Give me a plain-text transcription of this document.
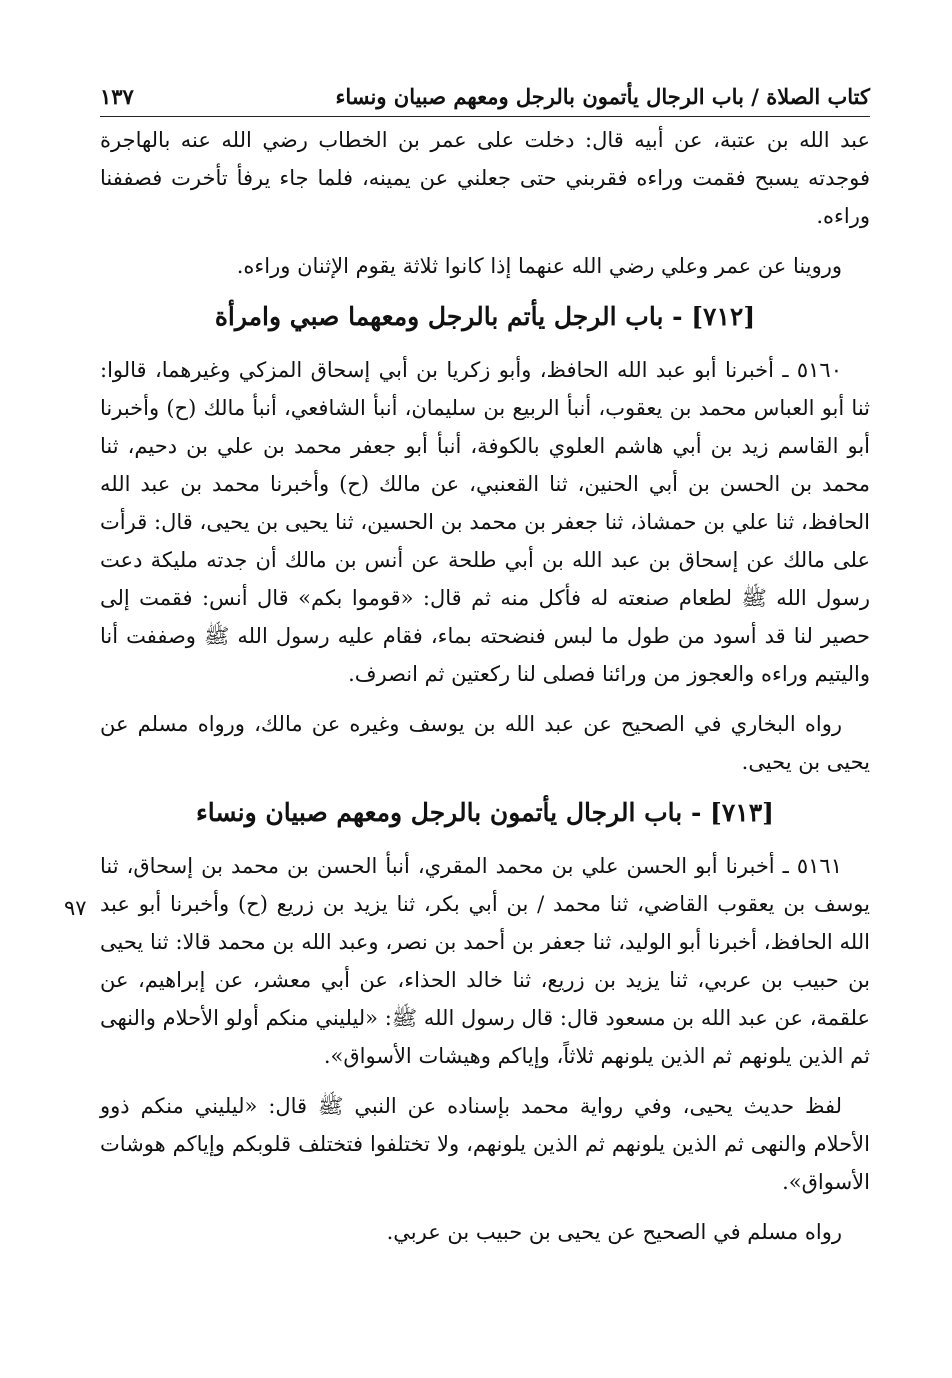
كتاب الصلاة / باب الرجال يأتمون بالرجل ومعهم صبيان ونساء
١٣٧

عبد الله بن عتبة، عن أبيه قال: دخلت على عمر بن الخطاب رضي الله عنه بالهاجرة فوجدته يسبح فقمت وراءه فقربني حتى جعلني عن يمينه، فلما جاء يرفأ تأخرت فصففنا وراءه.

وروينا عن عمر وعلي رضي الله عنهما إذا كانوا ثلاثة يقوم الإثنان وراءه.

[٧١٢] - باب الرجل يأتم بالرجل ومعهما صبي وامرأة

٥١٦٠ ـ أخبرنا أبو عبد الله الحافظ، وأبو زكريا بن أبي إسحاق المزكي وغيرهما، قالوا: ثنا أبو العباس محمد بن يعقوب، أنبأ الربيع بن سليمان، أنبأ الشافعي، أنبأ مالك (ح) وأخبرنا أبو القاسم زيد بن أبي هاشم العلوي بالكوفة، أنبأ أبو جعفر محمد بن علي بن دحيم، ثنا محمد بن الحسن بن أبي الحنين، ثنا القعنبي، عن مالك (ح) وأخبرنا محمد بن عبد الله الحافظ، ثنا علي بن حمشاذ، ثنا جعفر بن محمد بن الحسين، ثنا يحيى بن يحيى، قال: قرأت على مالك عن إسحاق بن عبد الله بن أبي طلحة عن أنس بن مالك أن جدته مليكة دعت رسول الله ﷺ لطعام صنعته له فأكل منه ثم قال: «قوموا بكم» قال أنس: فقمت إلى حصير لنا قد أسود من طول ما لبس فنضحته بماء، فقام عليه رسول الله ﷺ وصففت أنا واليتيم وراءه والعجوز من ورائنا فصلى لنا ركعتين ثم انصرف.

رواه البخاري في الصحيح عن عبد الله بن يوسف وغيره عن مالك، ورواه مسلم عن يحيى بن يحيى.

[٧١٣] - باب الرجال يأتمون بالرجل ومعهم صبيان ونساء

٥١٦١ ـ أخبرنا أبو الحسن علي بن محمد المقري، أنبأ الحسن بن محمد بن إسحاق، ثنا يوسف بن يعقوب القاضي، ثنا محمد / بن أبي بكر، ثنا يزيد بن زريع (ح) وأخبرنا أبو عبد الله الحافظ، أخبرنا أبو الوليد، ثنا جعفر بن أحمد بن نصر، وعبد الله بن محمد قالا: ثنا يحيى بن حبيب بن عربي، ثنا يزيد بن زريع، ثنا خالد الحذاء، عن أبي معشر، عن إبراهيم، عن علقمة، عن عبد الله بن مسعود قال: قال رسول الله ﷺ: «ليليني منكم أولو الأحلام والنهى ثم الذين يلونهم ثم الذين يلونهم ثلاثاً، وإياكم وهيشات الأسواق».

لفظ حديث يحيى، وفي رواية محمد بإسناده عن النبي ﷺ قال: «ليليني منكم ذوو الأحلام والنهى ثم الذين يلونهم ثم الذين يلونهم، ولا تختلفوا فتختلف قلوبكم وإياكم هوشات الأسواق».

رواه مسلم في الصحيح عن يحيى بن حبيب بن عربي.

٩٧
